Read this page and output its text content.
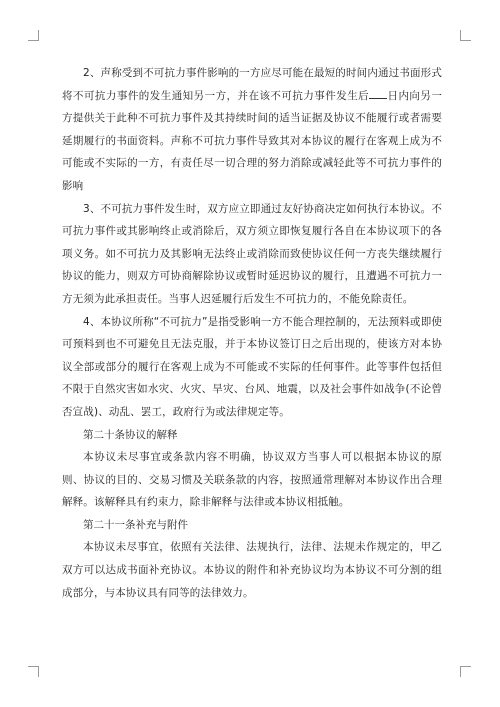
2、声称受到不可抗力事件影响的一方应尽可能在最短的时间内通过书面形式将不可抗力事件的发生通知另一方，并在该不可抗力事件发生后 日内向另一方提供关于此种不可抗力事件及其持续时间的适当证据及协议不能履行或者需要延期履行的书面资料。声称不可抗力事件导致其对本协议的履行在客观上成为不可能或不实际的一方，有责任尽一切合理的努力消除或减轻此等不可抗力事件的影响

3、不可抗力事件发生时，双方应立即通过友好协商决定如何执行本协议。不可抗力事件或其影响终止或消除后，双方须立即恢复履行各自在本协议项下的各项义务。如不可抗力及其影响无法终止或消除而致使协议任何一方丧失继续履行协议的能力，则双方可协商解除协议或暂时延迟协议的履行，且遭遇不可抗力一方无须为此承担责任。当事人迟延履行后发生不可抗力的，不能免除责任。

4、本协议所称“不可抗力”是指受影响一方不能合理控制的，无法预料或即使可预料到也不可避免且无法克服，并于本协议签订日之后出现的，使该方对本协议全部或部分的履行在客观上成为不可能或不实际的任何事件。此等事件包括但不限于自然灾害如水灾、火灾、旱灾、台风、地震，以及社会事件如战争(不论曾否宣战)、动乱、罢工，政府行为或法律规定等。

第二十条协议的解释

本协议未尽事宜或条款内容不明确，协议双方当事人可以根据本协议的原则、协议的目的、交易习惯及关联条款的内容，按照通常理解对本协议作出合理解释。该解释具有约束力，除非解释与法律或本协议相抵触。

第二十一条补充与附件

本协议未尽事宜，依照有关法律、法规执行，法律、法规未作规定的，甲乙双方可以达成书面补充协议。本协议的附件和补充协议均为本协议不可分割的组成部分，与本协议具有同等的法律效力。
